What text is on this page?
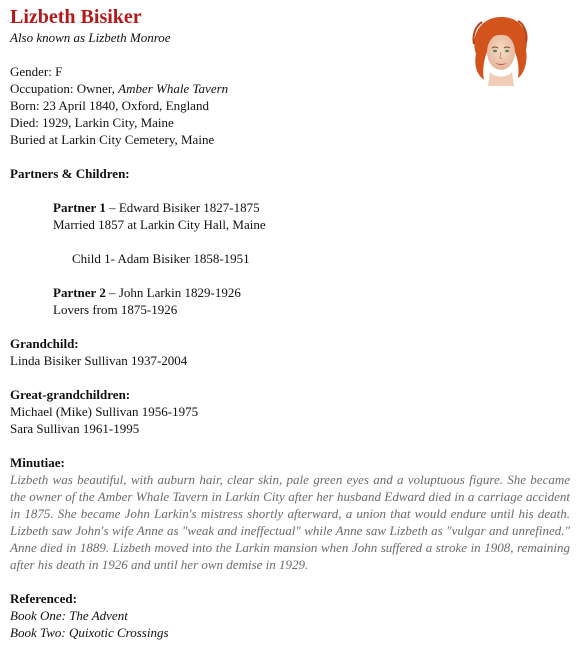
Lizbeth Bisiker
Also known as Lizbeth Monroe
Gender: F
Occupation: Owner, Amber Whale Tavern
Born: 23 April 1840, Oxford, England
Died: 1929, Larkin City, Maine
Buried at Larkin City Cemetery, Maine
Partners & Children:
Partner 1 – Edward Bisiker 1827-1875
Married 1857 at Larkin City Hall, Maine
Child 1- Adam Bisiker 1858-1951
Partner 2 – John Larkin 1829-1926
Lovers from 1875-1926
Grandchild:
Linda Bisiker Sullivan 1937-2004
Great-grandchildren:
Michael (Mike) Sullivan 1956-1975
Sara Sullivan 1961-1995
Minutiae:
Lizbeth was beautiful, with auburn hair, clear skin, pale green eyes and a voluptuous figure. She became the owner of the Amber Whale Tavern in Larkin City after her husband Edward died in a carriage accident in 1875. She became John Larkin's mistress shortly afterward, a union that would endure until his death. Lizbeth saw John's wife Anne as "weak and ineffectual" while Anne saw Lizbeth as "vulgar and unrefined." Anne died in 1889. Lizbeth moved into the Larkin mansion when John suffered a stroke in 1908, remaining after his death in 1926 and until her own demise in 1929.
Referenced:
Book One: The Advent
Book Two: Quixotic Crossings
